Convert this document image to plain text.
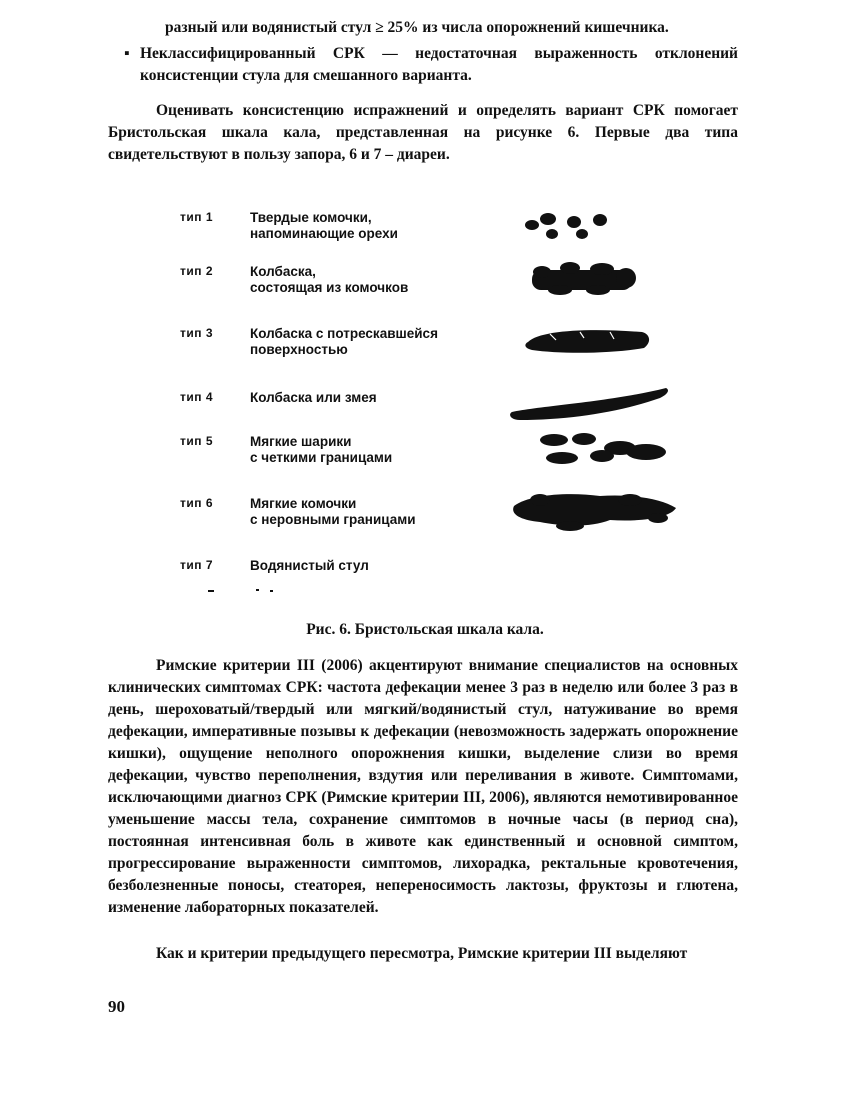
разный или водянистый стул ≥ 25% из числа опорожнений кишечника.
▪ Неклассифицированный СРК — недостаточная выраженность отклонений консистенции стула для смешанного варианта.
Оценивать консистенцию испражнений и определять вариант СРК помогает Бристольская шкала кала, представленная на рисунке 6. Первые два типа свидетельствуют в пользу запора, 6 и 7 – диареи.
тип 1	Твердые комочки,
напоминающие орехи
тип 2	Колбаска,
состоящая из комочков
тип 3	Колбаска с потрескавшейся
поверхностью
тип 4	Колбаска или змея
тип 5	Мягкие шарики
с четкими границами
тип 6	Мягкие комочки
с неровными границами
тип 7	Водянистый стул
Рис. 6. Бристольская шкала кала.
Римские критерии III (2006) акцентируют внимание специалистов на основных клинических симптомах СРК: частота дефекации менее 3 раз в неделю или более 3 раз в день, шероховатый/твердый или мягкий/водянистый стул, натуживание во время дефекации, императивные позывы к дефекации (невозможность задержать опорожнение кишки), ощущение неполного опорожнения кишки, выделение слизи во время дефекации, чувство переполнения, вздутия или переливания в животе. Симптомами, исключающими диагноз СРК (Римские критерии III, 2006), являются немотивированное уменьшение массы тела, сохранение симптомов в ночные часы (в период сна), постоянная интенсивная боль в животе как единственный и основной симптом, прогрессирование выраженности симптомов, лихорадка, ректальные кровотечения, безболезненные поносы, стеаторея, непереносимость лактозы, фруктозы и глютена, изменение лабораторных показателей.
Как и критерии предыдущего пересмотра, Римские критерии III выделяют
90
